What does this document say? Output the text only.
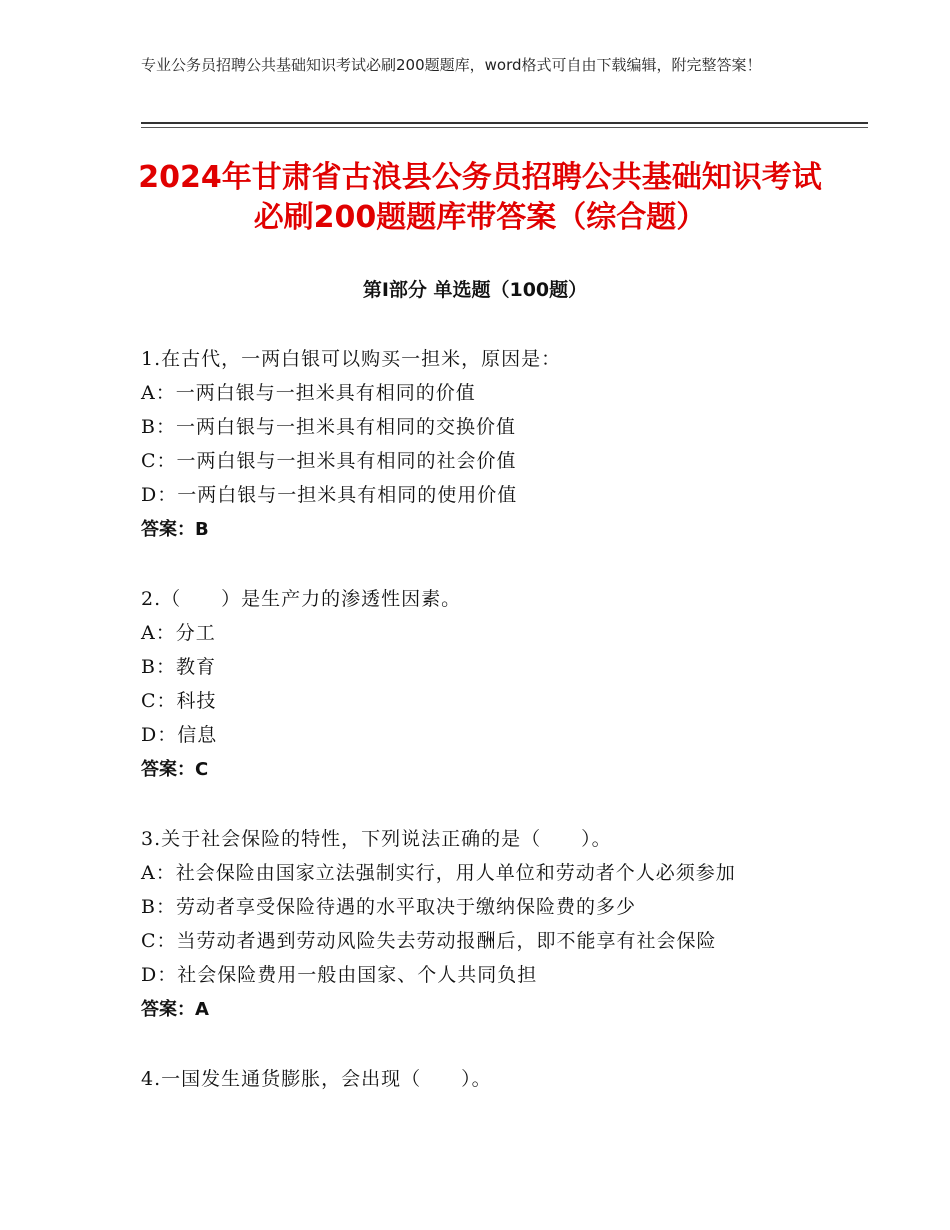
专业公务员招聘公共基础知识考试必刷200题题库，word格式可自由下载编辑，附完整答案！
2024年甘肃省古浪县公务员招聘公共基础知识考试必刷200题题库带答案（综合题）
第Ⅰ部分 单选题（100题）
1.在古代，一两白银可以购买一担米，原因是：
A：一两白银与一担米具有相同的价值
B：一两白银与一担米具有相同的交换价值
C：一两白银与一担米具有相同的社会价值
D：一两白银与一担米具有相同的使用价值
答案：B
2.（　　）是生产力的渗透性因素。
A：分工
B：教育
C：科技
D：信息
答案：C
3.关于社会保险的特性，下列说法正确的是（　　）。
A：社会保险由国家立法强制实行，用人单位和劳动者个人必须参加
B：劳动者享受保险待遇的水平取决于缴纳保险费的多少
C：当劳动者遇到劳动风险失去劳动报酬后，即不能享有社会保险
D：社会保险费用一般由国家、个人共同负担
答案：A
4.一国发生通货膨胀，会出现（　　）。
